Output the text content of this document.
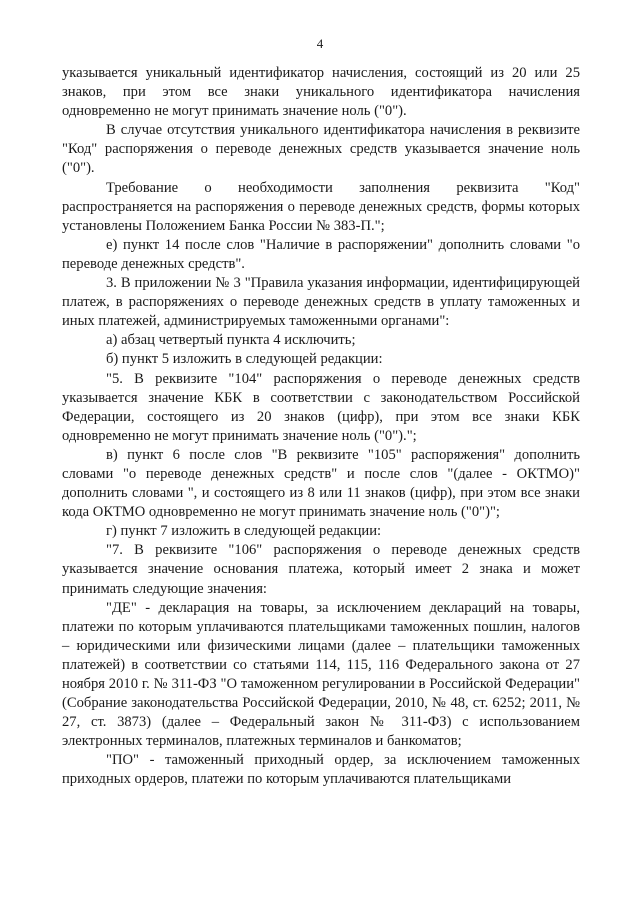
4

указывается уникальный идентификатор начисления, состоящий из 20 или 25 знаков, при этом все знаки уникального идентификатора начисления одновременно не могут принимать значение ноль ("0").

В случае отсутствия уникального идентификатора начисления в реквизите "Код" распоряжения о переводе денежных средств указывается значение ноль ("0").

Требование о необходимости заполнения реквизита "Код" распространяется на распоряжения о переводе денежных средств, формы которых установлены Положением Банка России № 383-П.";

е) пункт 14 после слов "Наличие в распоряжении" дополнить словами "о переводе денежных средств".

3. В приложении № 3 "Правила указания информации, идентифицирующей платеж, в распоряжениях о переводе денежных средств в уплату таможенных и иных платежей, администрируемых таможенными органами":

а) абзац четвертый пункта 4 исключить;

б) пункт 5 изложить в следующей редакции:

"5. В реквизите "104" распоряжения о переводе денежных средств указывается значение КБК в соответствии с законодательством Российской Федерации, состоящего из 20 знаков (цифр), при этом все знаки КБК одновременно не могут принимать значение ноль ("0").";

в) пункт 6 после слов "В реквизите "105" распоряжения" дополнить словами "о переводе денежных средств" и после слов "(далее - ОКТМО)" дополнить словами ", и состоящего из 8 или 11 знаков (цифр), при этом все знаки кода ОКТМО одновременно не могут принимать значение ноль ("0")";

г) пункт 7 изложить в следующей редакции:

"7. В реквизите "106" распоряжения о переводе денежных средств указывается значение основания платежа, который имеет 2 знака и может принимать следующие значения:

"ДЕ" - декларация на товары, за исключением деклараций на товары, платежи по которым уплачиваются плательщиками таможенных пошлин, налогов – юридическими или физическими лицами (далее – плательщики таможенных платежей) в соответствии со статьями 114, 115, 116 Федерального закона от 27 ноября 2010 г. № 311-ФЗ "О таможенном регулировании в Российской Федерации" (Собрание законодательства Российской Федерации, 2010, № 48, ст. 6252; 2011, № 27, ст. 3873) (далее – Федеральный закон № 311-ФЗ) с использованием электронных терминалов, платежных терминалов и банкоматов;

"ПО" - таможенный приходный ордер, за исключением таможенных приходных ордеров, платежи по которым уплачиваются плательщиками
